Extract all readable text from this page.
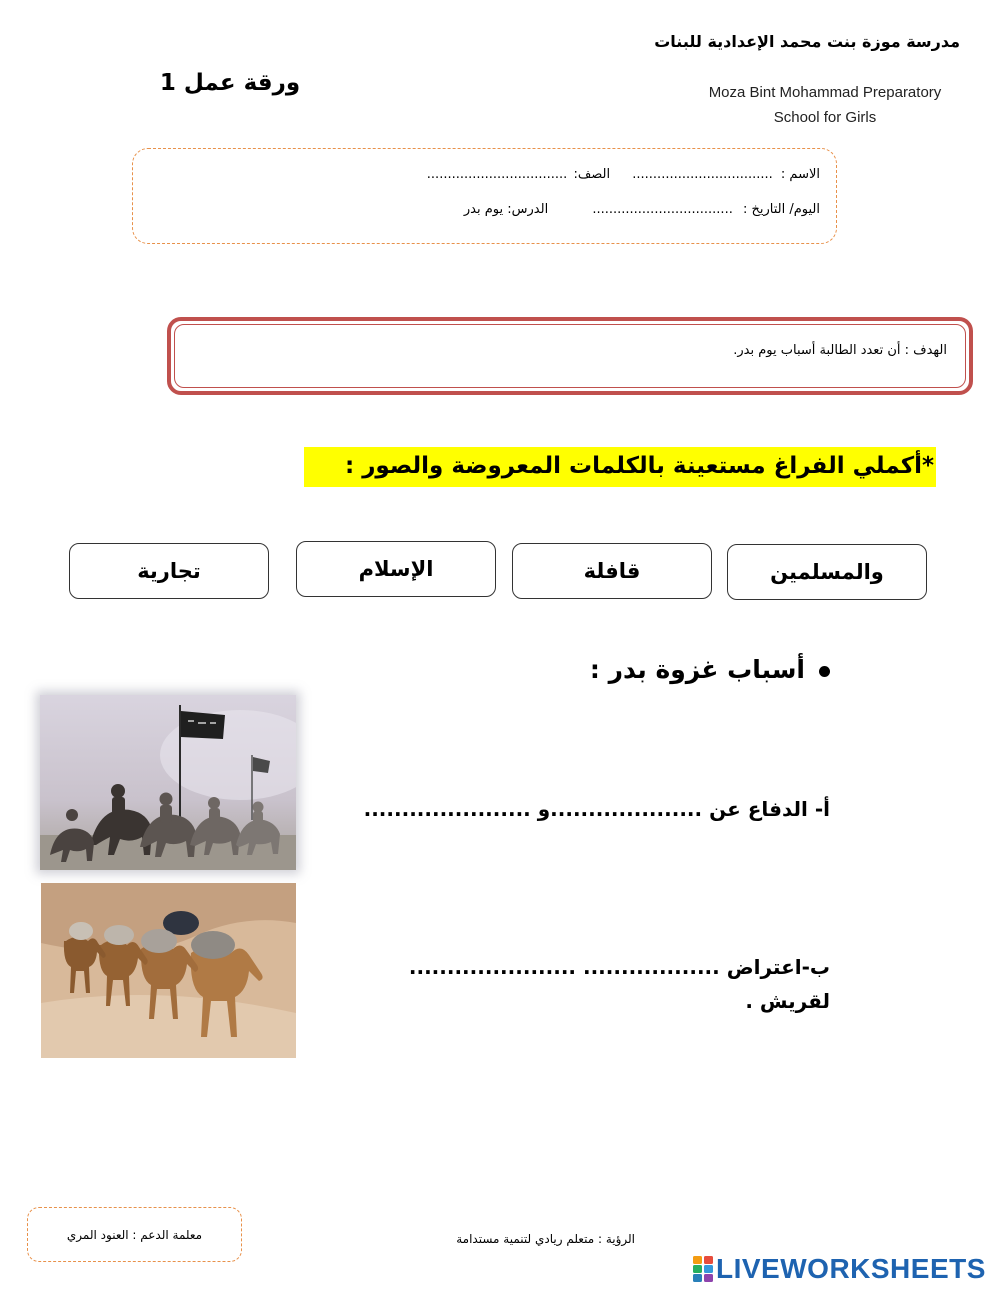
مدرسة موزة بنت محمد الإعدادية للبنات
Moza Bint Mohammad Preparatory
School for Girls
ورقة عمل 1
الاسم : .................................. الصف: ..................................
اليوم/ التاريخ : .................................. الدرس: يوم بدر
الهدف : أن تعدد الطالبة أسباب يوم بدر.
*أكملي الفراغ مستعينة بالكلمات المعروضة والصور :
والمسلمين
قافلة
الإسلام
تجارية
أسباب غزوة بدر :
أ- الدفاع عن ....................و ......................
ب-اعتراض .................. ......................
لقريش .
معلمة الدعم : العنود المري	الرؤية : متعلم ريادي لتنمية مستدامة
LIVEWORKSHEETS
